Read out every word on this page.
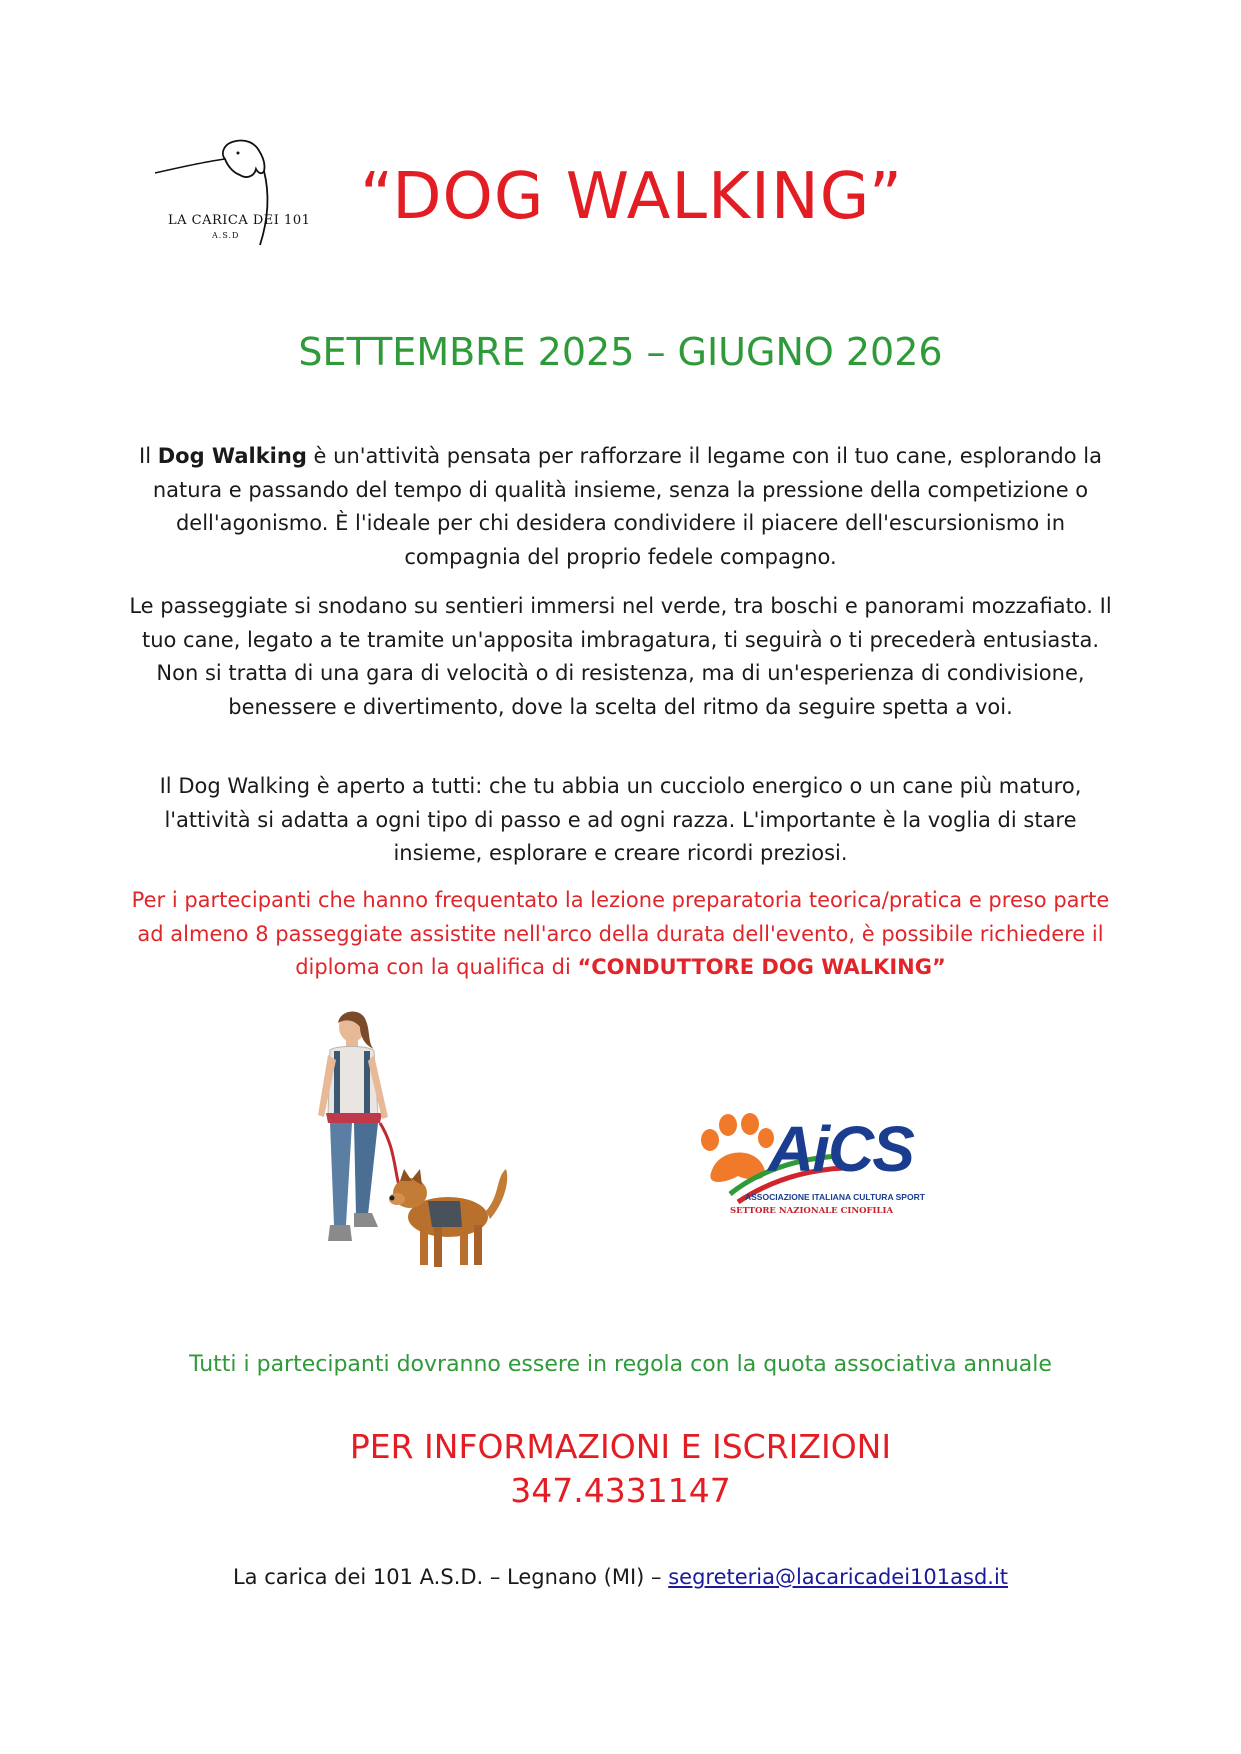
LA CARICA DEI 101
A.S.D
“DOG WALKING”
SETTEMBRE 2025 – GIUGNO 2026

Il Dog Walking è un'attività pensata per rafforzare il legame con il tuo cane, esplorando la natura e passando del tempo di qualità insieme, senza la pressione della competizione o dell'agonismo. È l'ideale per chi desidera condividere il piacere dell'escursionismo in compagnia del proprio fedele compagno.

Le passeggiate si snodano su sentieri immersi nel verde, tra boschi e panorami mozzafiato. Il tuo cane, legato a te tramite un'apposita imbragatura, ti seguirà o ti precederà entusiasta. Non si tratta di una gara di velocità o di resistenza, ma di un'esperienza di condivisione, benessere e divertimento, dove la scelta del ritmo da seguire spetta a voi.

Il Dog Walking è aperto a tutti: che tu abbia un cucciolo energico o un cane più maturo, l'attività si adatta a ogni tipo di passo e ad ogni razza. L'importante è la voglia di stare insieme, esplorare e creare ricordi preziosi.

Per i partecipanti che hanno frequentato la lezione preparatoria teorica/pratica e preso parte ad almeno 8 passeggiate assistite nell'arco della durata dell'evento, è possibile richiedere il diploma con la qualifica di “CONDUTTORE DOG WALKING”

AiCS
ASSOCIAZIONE ITALIANA CULTURA SPORT
SETTORE NAZIONALE CINOFILIA
Tutti i partecipanti dovranno essere in regola con la quota associativa annuale
PER INFORMAZIONI E ISCRIZIONI
347.4331147
La carica dei 101 A.S.D. – Legnano (MI) – segreteria@lacaricadei101asd.it
